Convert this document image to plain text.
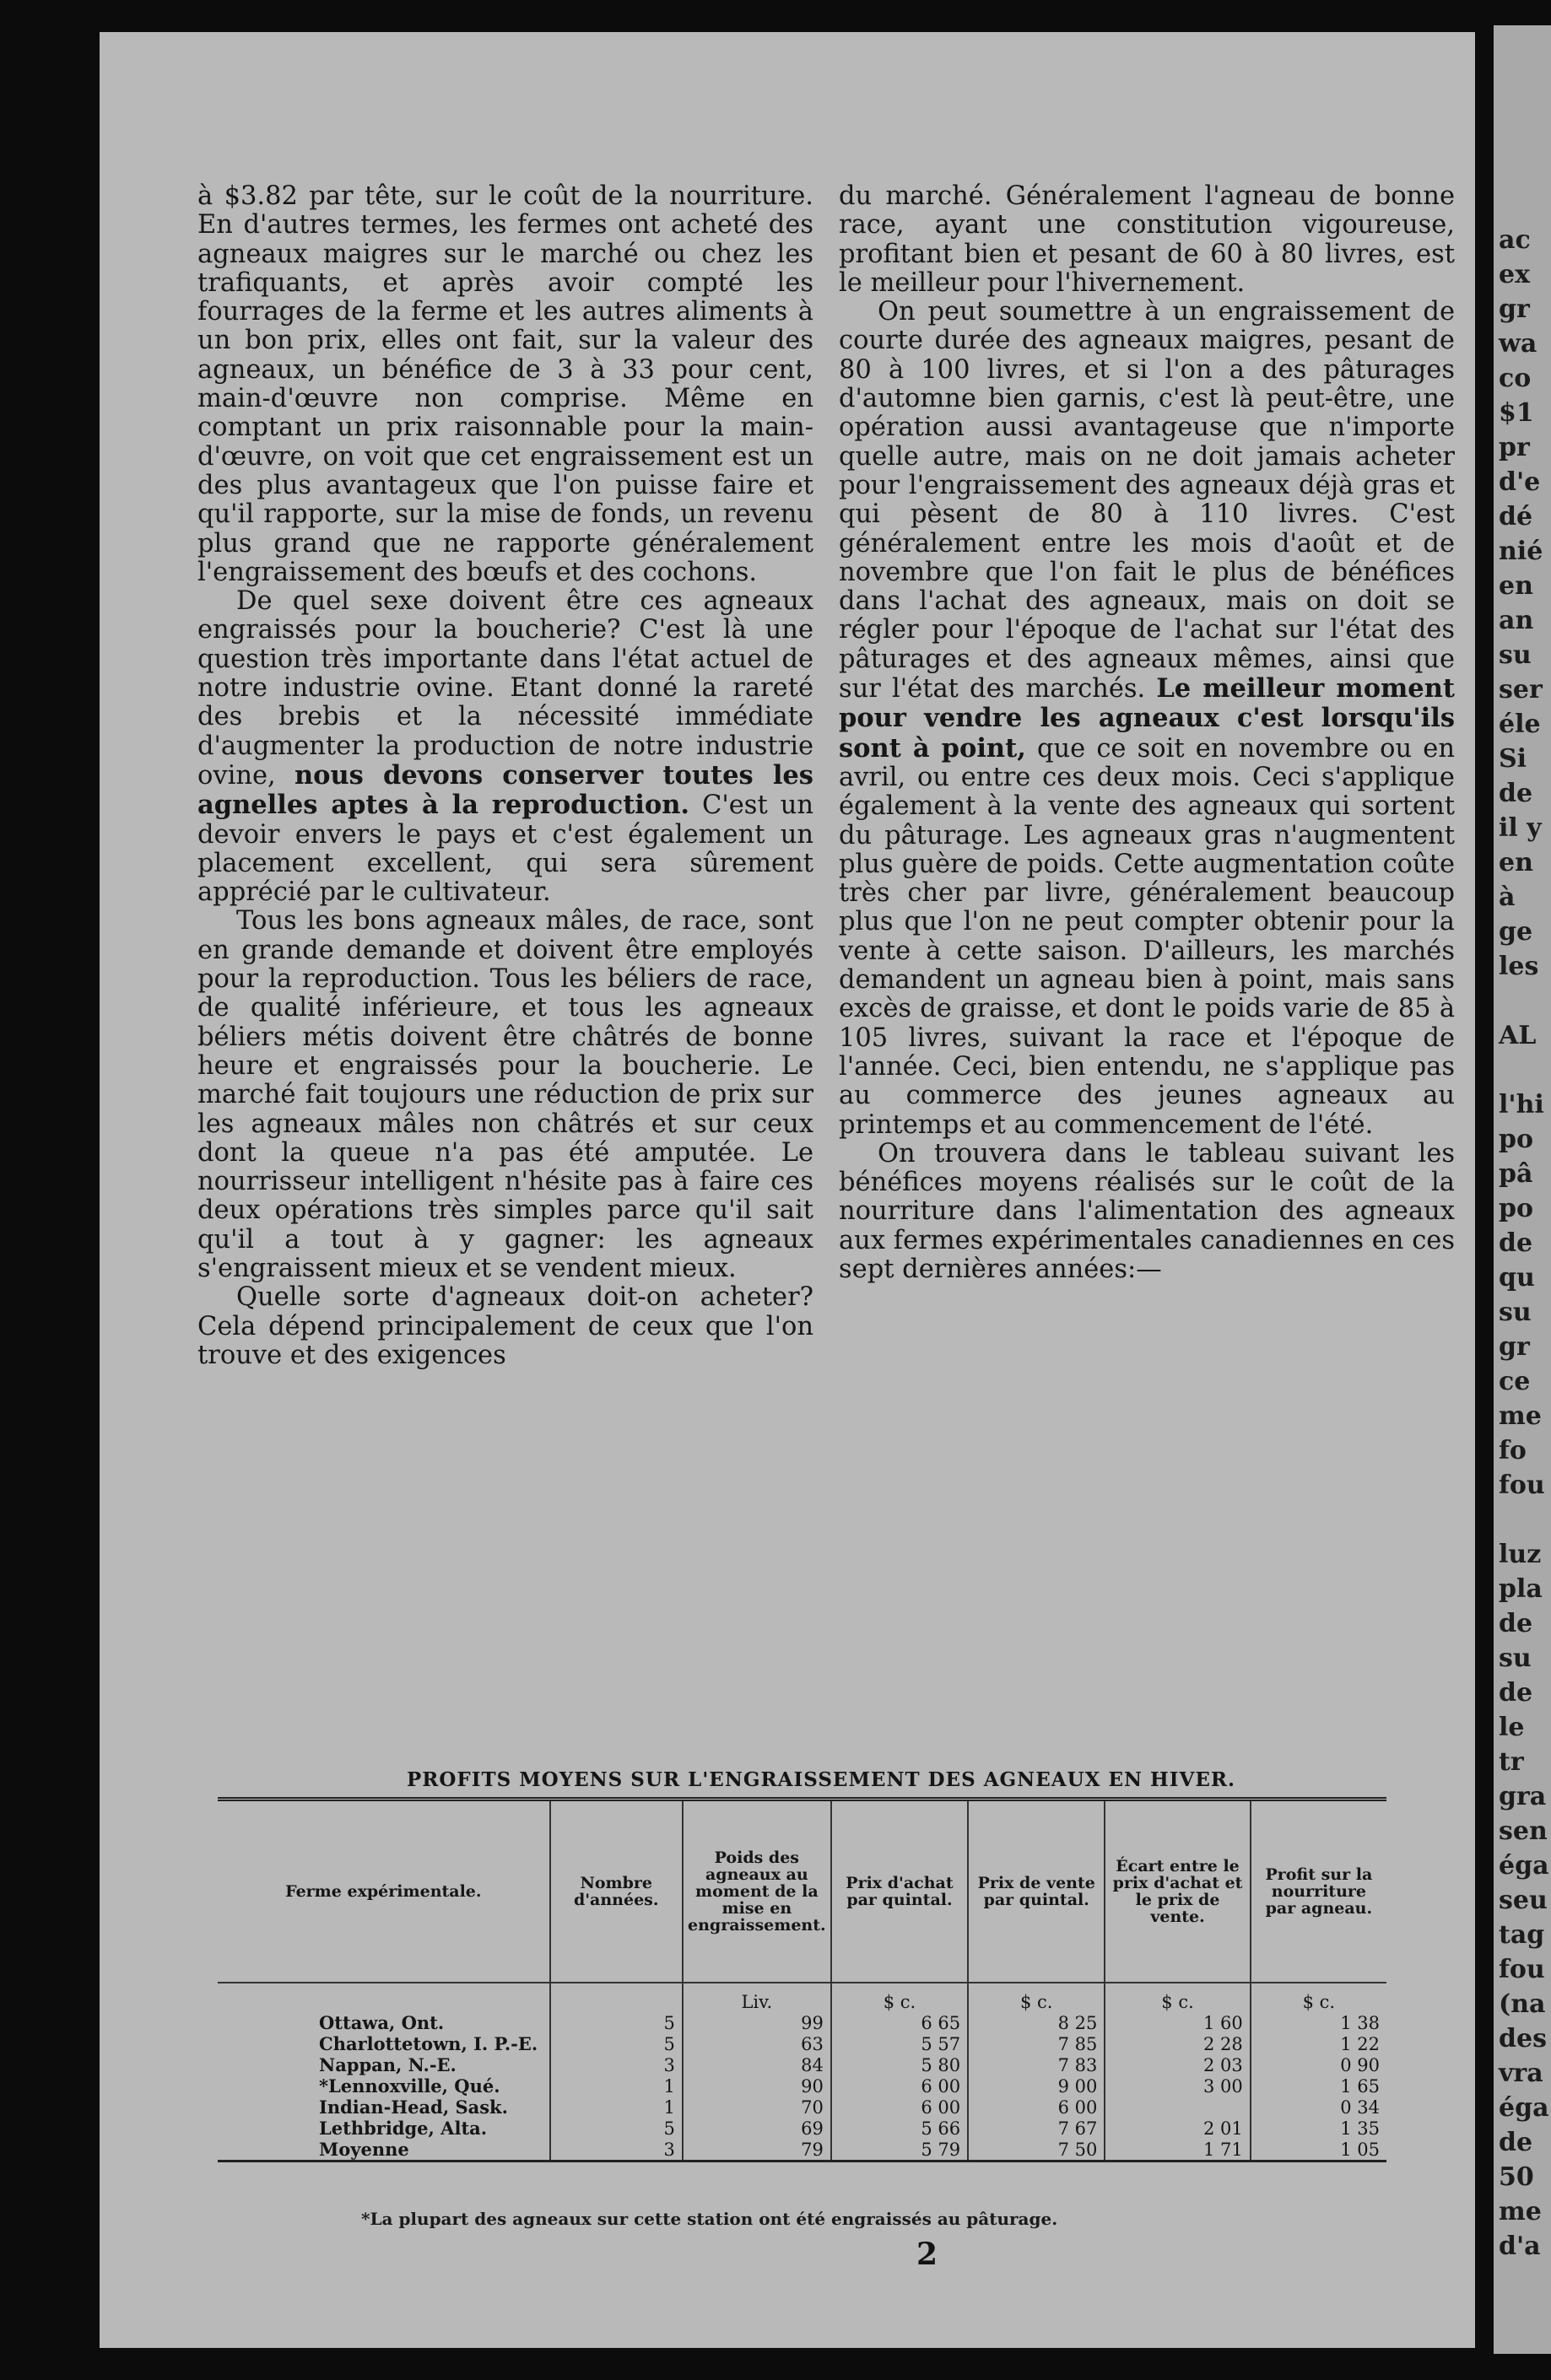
à $3.82 par tête, sur le coût de la nourriture. En d'autres termes, les fermes ont acheté des agneaux maigres sur le marché ou chez les trafiquants, et après avoir compté les fourrages de la ferme et les autres aliments à un bon prix, elles ont fait, sur la valeur des agneaux, un bénéfice de 3 à 33 pour cent, main-d'œuvre non comprise. Même en comptant un prix raisonnable pour la main-d'œuvre, on voit que cet engraissement est un des plus avantageux que l'on puisse faire et qu'il rapporte, sur la mise de fonds, un revenu plus grand que ne rapporte généralement l'engraissement des bœufs et des cochons.

De quel sexe doivent être ces agneaux engraissés pour la boucherie? C'est là une question très importante dans l'état actuel de notre industrie ovine. Etant donné la rareté des brebis et la nécessité immédiate d'augmenter la production de notre industrie ovine, nous devons conserver toutes les agnelles aptes à la reproduction. C'est un devoir envers le pays et c'est également un placement excellent, qui sera sûrement apprécié par le cultivateur.

Tous les bons agneaux mâles, de race, sont en grande demande et doivent être employés pour la reproduction. Tous les béliers de race, de qualité inférieure, et tous les agneaux béliers métis doivent être châtrés de bonne heure et engraissés pour la boucherie. Le marché fait toujours une réduction de prix sur les agneaux mâles non châtrés et sur ceux dont la queue n'a pas été amputée. Le nourrisseur intelligent n'hésite pas à faire ces deux opérations très simples parce qu'il sait qu'il a tout à y gagner: les agneaux s'engraissent mieux et se vendent mieux.

Quelle sorte d'agneaux doit-on acheter? Cela dépend principalement de ceux que l'on trouve et des exigences

du marché. Généralement l'agneau de bonne race, ayant une constitution vigoureuse, profitant bien et pesant de 60 à 80 livres, est le meilleur pour l'hivernement.

On peut soumettre à un engraissement de courte durée des agneaux maigres, pesant de 80 à 100 livres, et si l'on a des pâturages d'automne bien garnis, c'est là peut-être, une opération aussi avantageuse que n'importe quelle autre, mais on ne doit jamais acheter pour l'engraissement des agneaux déjà gras et qui pèsent de 80 à 110 livres. C'est généralement entre les mois d'août et de novembre que l'on fait le plus de bénéfices dans l'achat des agneaux, mais on doit se régler pour l'époque de l'achat sur l'état des pâturages et des agneaux mêmes, ainsi que sur l'état des marchés. Le meilleur moment pour vendre les agneaux c'est lorsqu'ils sont à point, que ce soit en novembre ou en avril, ou entre ces deux mois. Ceci s'applique également à la vente des agneaux qui sortent du pâturage. Les agneaux gras n'augmentent plus guère de poids. Cette augmentation coûte très cher par livre, généralement beaucoup plus que l'on ne peut compter obtenir pour la vente à cette saison. D'ailleurs, les marchés demandent un agneau bien à point, mais sans excès de graisse, et dont le poids varie de 85 à 105 livres, suivant la race et l'époque de l'année. Ceci, bien entendu, ne s'applique pas au commerce des jeunes agneaux au printemps et au commencement de l'été.

On trouvera dans le tableau suivant les bénéfices moyens réalisés sur le coût de la nourriture dans l'alimentation des agneaux aux fermes expérimentales canadiennes en ces sept dernières années:—

PROFITS MOYENS SUR L'ENGRAISSEMENT DES AGNEAUX EN HIVER.
Ferme expérimentale.	Nombre d'années.	Poids des agneaux au moment de la mise en engraissement.	Prix d'achat par quintal.	Prix de vente par quintal.	Écart entre le prix d'achat et le prix de vente.	Profit sur la nourriture par agneau.
		Liv.	$ c.	$ c.	$ c.	$ c.
Ottawa, Ont.	5	99	6 65	8 25	1 60	1 38
Charlottetown, I. P.-E.	5	63	5 57	7 85	2 28	1 22
Nappan, N.-E.	3	84	5 80	7 83	2 03	0 90
*Lennoxville, Qué.	1	90	6 00	9 00	3 00	1 65
Indian-Head, Sask.	1	70	6 00	6 00		0 34
Lethbridge, Alta.	5	69	5 66	7 67	2 01	1 35
Moyenne	3	79	5 79	7 50	1 71	1 05
*La plupart des agneaux sur cette station ont été engraissés au pâturage.
2
ac
ex
gr
wa
co
$1
pr
d'e
dé
nié
en
an
su
ser
éle
Si
de
il y
en
à
ge
les
AL
l'hi
po
pâ
po
de
qu
su
gr
ce
me
fo
fou
luz
pla
de
su
de
le
tr
gra
sen
éga
seu
tag
fou
(na
des
vra
éga
de
50
me
d'a
